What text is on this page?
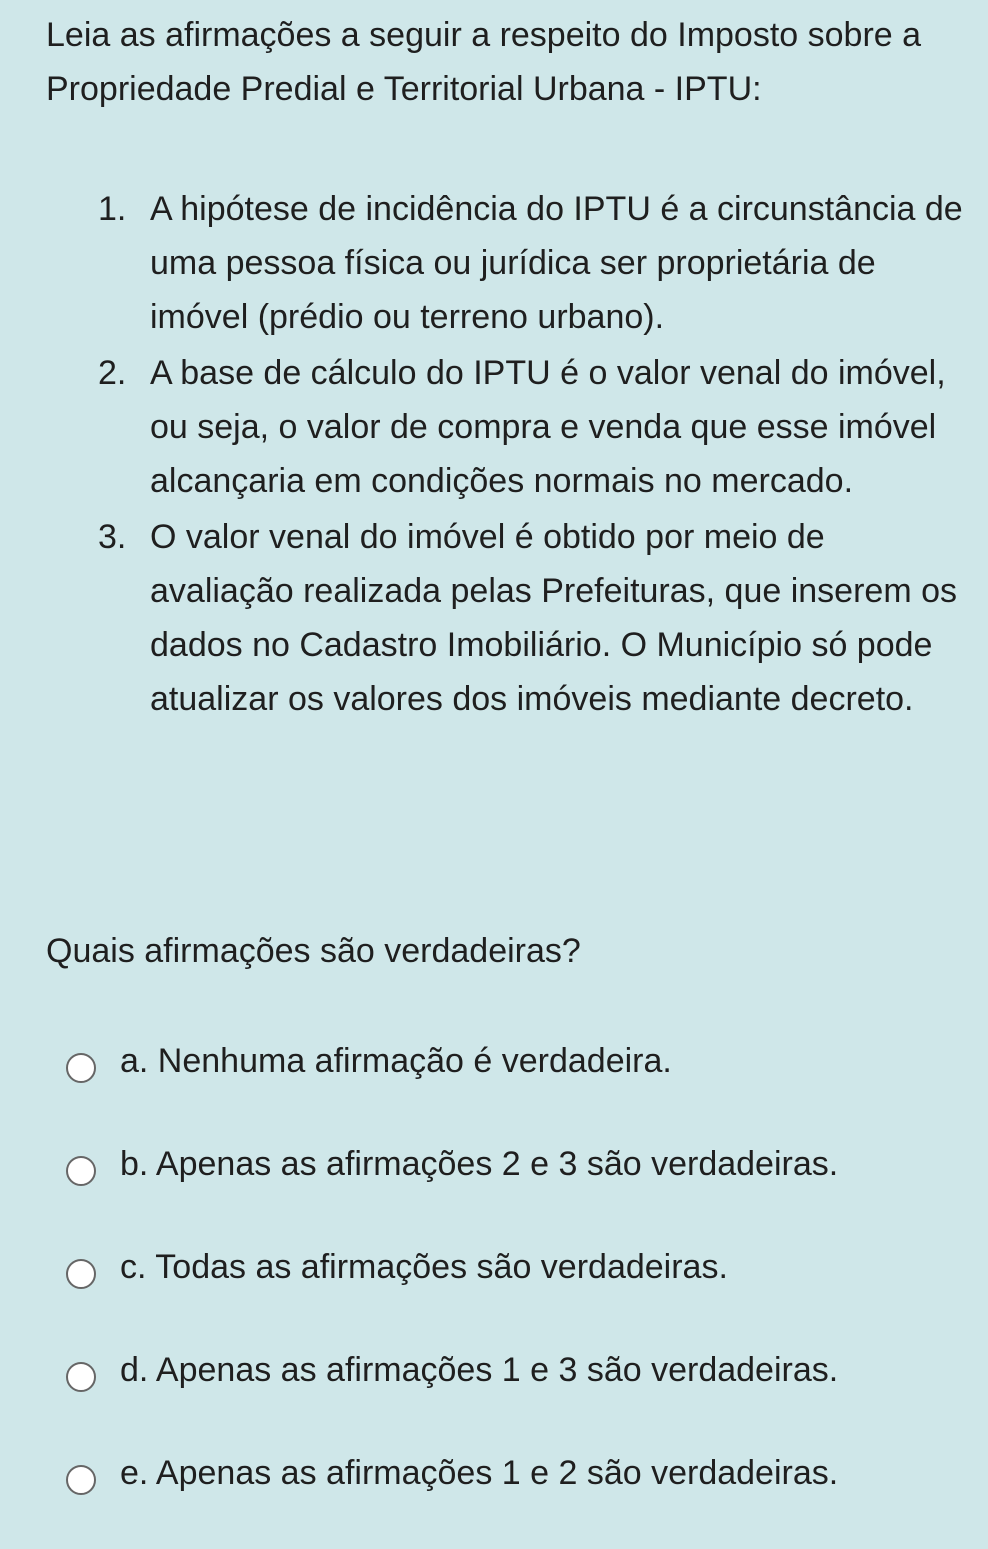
Leia as afirmações a seguir a respeito do Imposto sobre a Propriedade Predial e Territorial Urbana - IPTU:

1. A hipótese de incidência do IPTU é a circunstância de uma pessoa física ou jurídica ser proprietária de imóvel (prédio ou terreno urbano).
2. A base de cálculo do IPTU é o valor venal do imóvel, ou seja, o valor de compra e venda que esse imóvel alcançaria em condições normais no mercado.
3. O valor venal do imóvel é obtido por meio de avaliação realizada pelas Prefeituras, que inserem os dados no Cadastro Imobiliário. O Município só pode atualizar os valores dos imóveis mediante decreto.

Quais afirmações são verdadeiras?

a. Nenhuma afirmação é verdadeira.
b. Apenas as afirmações 2 e 3 são verdadeiras.
c. Todas as afirmações são verdadeiras.
d. Apenas as afirmações 1 e 3 são verdadeiras.
e. Apenas as afirmações 1 e 2 são verdadeiras.
